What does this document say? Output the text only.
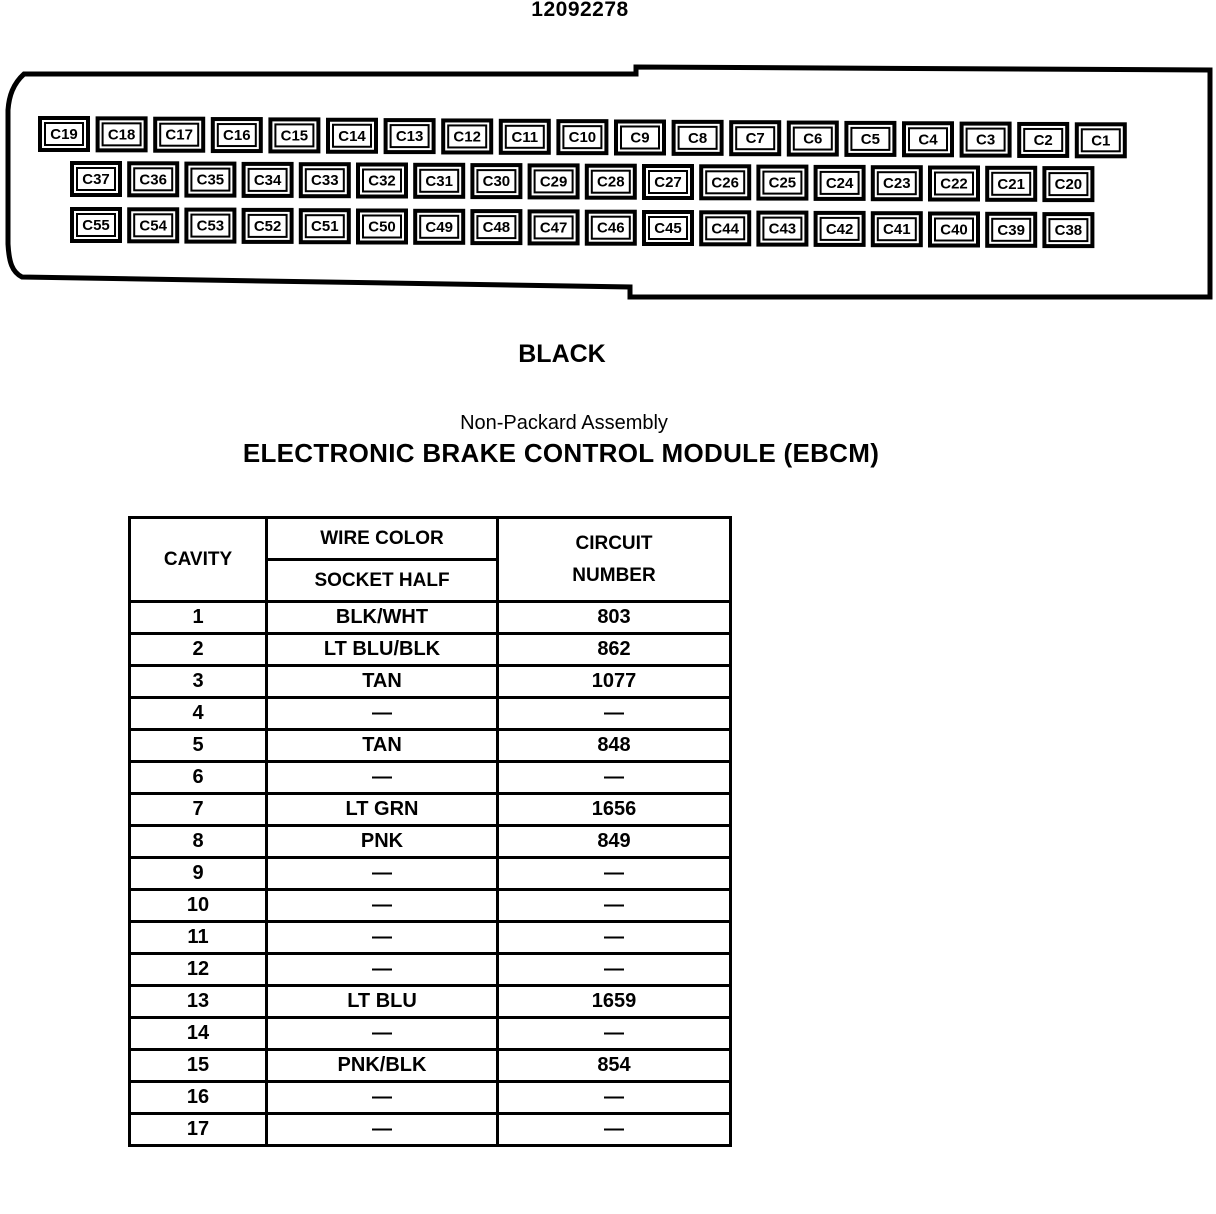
12092278
C19 C18 C17 C16 C15 C14 C13 C12 C11 C10 C9	C8	C7	C6	C5	C4	C3	C2	C1
C37 C36 C35 C34 C33 C32 C31 C30 C29 C28 C27 C26 C25 C24 C23 C22 C21 C20
C55 C54 C53 C52 C51 C50 C49 C48 C47 C46 C45 C44 C43 C42 C41 C40 C39 C38
BLACK
Non-Packard Assembly
ELECTRONIC BRAKE CONTROL MODULE (EBCM)
CAVITY	WIRE COLOR	CIRCUIT
NUMBER

	SOCKET HALF	
1	BLK/WHT	803
2	LT BLU/BLK	862
3	TAN	1077
4	—	—
5	TAN	848
6	—	—
7	LT GRN	1656
8	PNK	849
9	—	—
10	—	—
11	—	—
12	—	—
13	LT BLU	1659
14	—	—
15	PNK/BLK	854
16	—	—
17	—	—
